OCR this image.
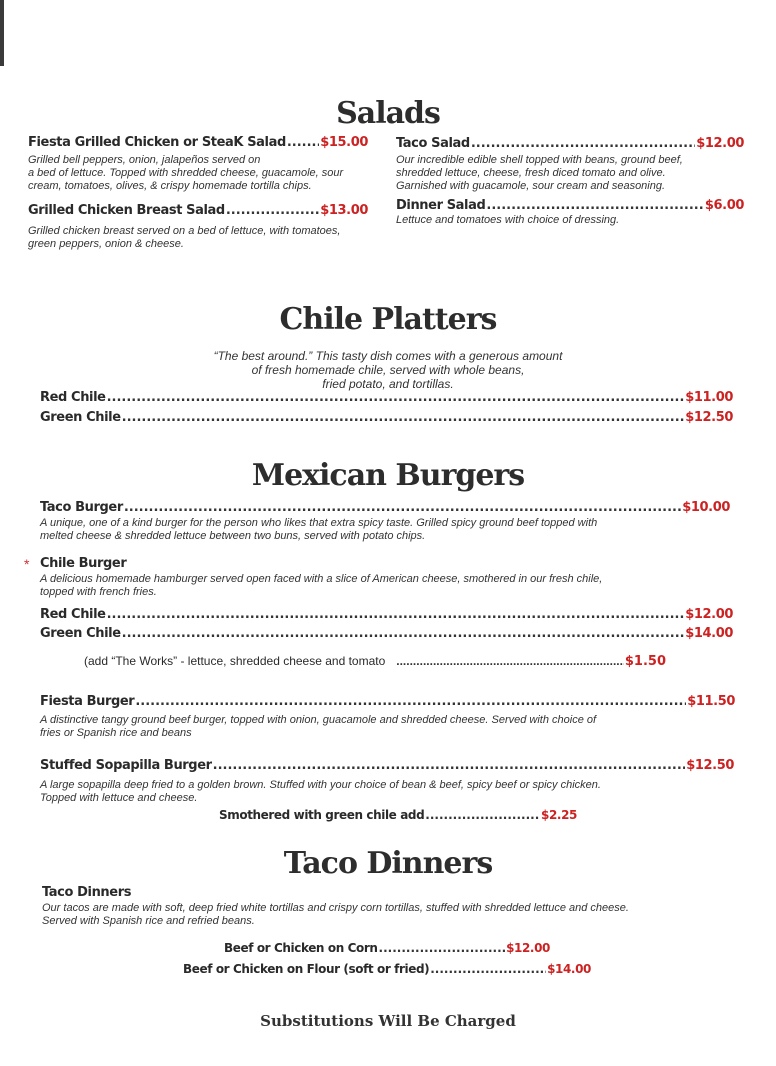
Salads
Fiesta Grilled Chicken or SteaK Salad .....	$15.00

Grilled bell peppers, onion, jalapeños served on
a bed of lettuce. Topped with shredded cheese, guacamole, sour
cream, tomatoes, olives, & crispy homemade tortilla chips.

Grilled Chicken Breast Salad .....	$13.00

Grilled chicken breast served on a bed of lettuce, with tomatoes,
green peppers, onion & cheese.

Taco Salad .....	$12.00

Our incredible edible shell topped with beans, ground beef,
shredded lettuce, cheese, fresh diced tomato and olive.
Garnished with guacamole, sour cream and seasoning.

Dinner Salad .....	$6.00

Lettuce and tomatoes with choice of dressing.

Chile Platters

“The best around.” This tasty dish comes with a generous amount
of fresh homemade chile, served with whole beans,
fried potato, and tortillas.

Red Chile .....	$11.00
Green Chile .....	$12.50
Mexican Burgers
Taco Burger .....	$10.00

A unique, one of a kind burger for the person who likes that extra spicy taste. Grilled spicy ground beef topped with
melted cheese & shredded lettuce between two buns, served with potato chips.

* Chile Burger

A delicious homemade hamburger served open faced with a slice of American cheese, smothered in our fresh chile,
topped with french fries.

Red Chile .....	$12.00
Green Chile .....	$14.00
(add “The Works” - lettuce, shredded cheese and tomato .....	$1.50
Fiesta Burger .....	$11.50

A distinctive tangy ground beef burger, topped with onion, guacamole and shredded cheese. Served with choice of
fries or Spanish rice and beans

Stuffed Sopapilla Burger .....	$12.50

A large sopapilla deep fried to a golden brown. Stuffed with your choice of bean & beef, spicy beef or spicy chicken.
Topped with lettuce and cheese.

Smothered with green chile add .....	$2.25
Taco Dinners
Taco Dinners

Our tacos are made with soft, deep fried white tortillas and crispy corn tortillas, stuffed with shredded lettuce and cheese.
Served with Spanish rice and refried beans.

Beef or Chicken on Corn .....	$12.00
Beef or Chicken on Flour (soft or fried) .....	$14.00
Substitutions Will Be Charged
